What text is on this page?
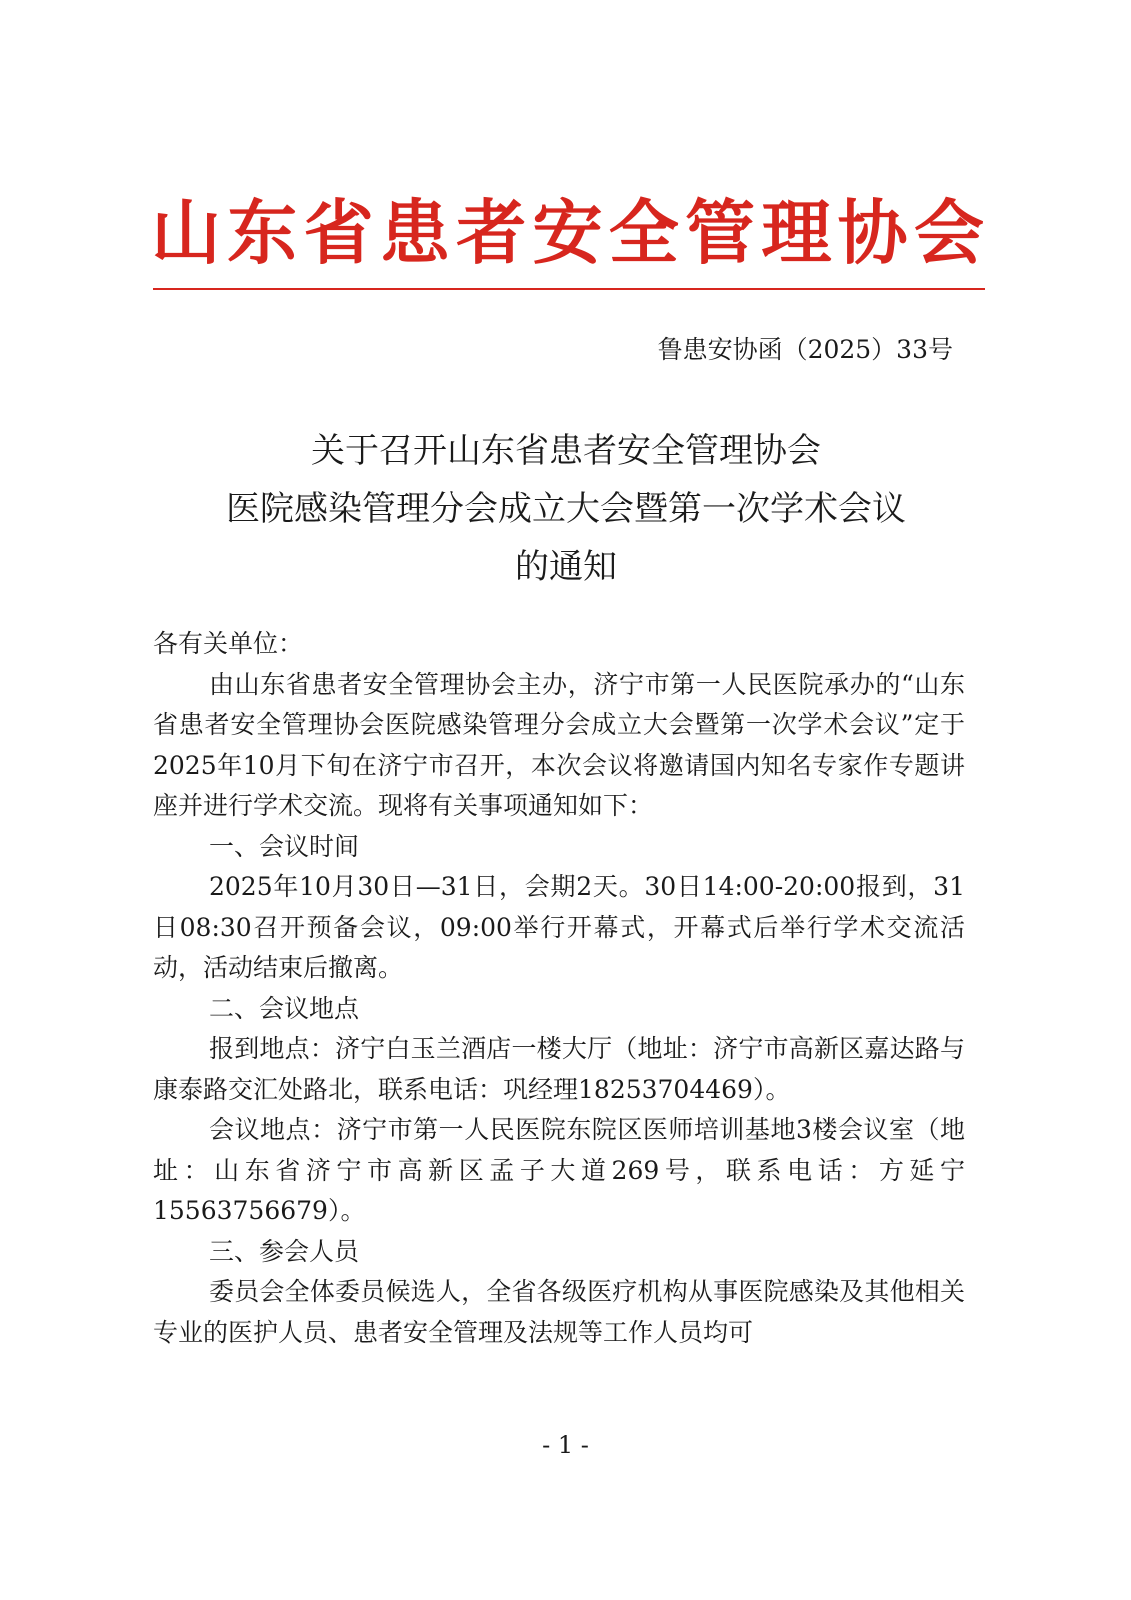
山 东 省 患 者 安 全 管 理 协 会
鲁患安协函（2025）33号
关于召开山东省患者安全管理协会
医院感染管理分会成立大会暨第一次学术会议
的通知

各有关单位：

由山东省患者安全管理协会主办，济宁市第一人民医院承办的“山东省患者安全管理协会医院感染管理分会成立大会暨第一次学术会议”定于2025年10月下旬在济宁市召开，本次会议将邀请国内知名专家作专题讲座并进行学术交流。现将有关事项通知如下：

一、会议时间

2025年10月30日—31日，会期2天。30日14:00-20:00报到，31日08:30召开预备会议，09:00举行开幕式，开幕式后举行学术交流活动，活动结束后撤离。

二、会议地点

报到地点：济宁白玉兰酒店一楼大厅（地址：济宁市高新区嘉达路与康泰路交汇处路北，联系电话：巩经理18253704469）。

会议地点：济宁市第一人民医院东院区医师培训基地3楼会议室（地址：山东省济宁市高新区孟子大道269号，联系电话：方延宁15563756679）。

三、参会人员

委员会全体委员候选人，全省各级医疗机构从事医院感染及其他相关专业的医护人员、患者安全管理及法规等工作人员均可

- 1 -
